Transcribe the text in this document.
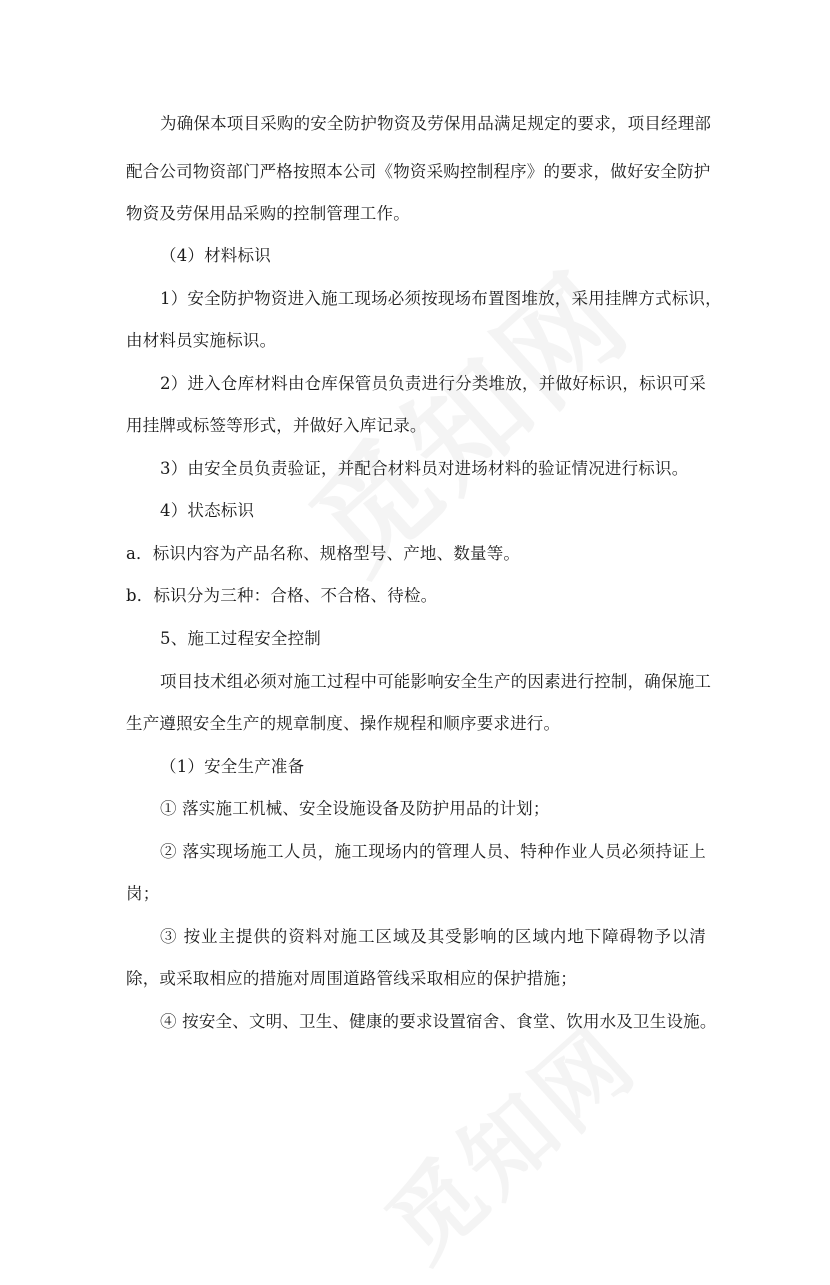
为确保本项目采购的安全防护物资及劳保用品满足规定的要求，项目经理部
配合公司物资部门严格按照本公司《物资采购控制程序》的要求，做好安全防护
物资及劳保用品采购的控制管理工作。
（4）材料标识
1）安全防护物资进入施工现场必须按现场布置图堆放，采用挂牌方式标识，
由材料员实施标识。
2）进入仓库材料由仓库保管员负责进行分类堆放，并做好标识，标识可采
用挂牌或标签等形式，并做好入库记录。
3）由安全员负责验证，并配合材料员对进场材料的验证情况进行标识。
4）状态标识
a．标识内容为产品名称、规格型号、产地、数量等。
b．标识分为三种：合格、不合格、待检。
5、施工过程安全控制
项目技术组必须对施工过程中可能影响安全生产的因素进行控制，确保施工
生产遵照安全生产的规章制度、操作规程和顺序要求进行。
（1）安全生产准备
① 落实施工机械、安全设施设备及防护用品的计划；
② 落实现场施工人员，施工现场内的管理人员、特种作业人员必须持证上
岗；
③ 按业主提供的资料对施工区域及其受影响的区域内地下障碍物予以清
除，或采取相应的措施对周围道路管线采取相应的保护措施；
④ 按安全、文明、卫生、健康的要求设置宿舍、食堂、饮用水及卫生设施。
